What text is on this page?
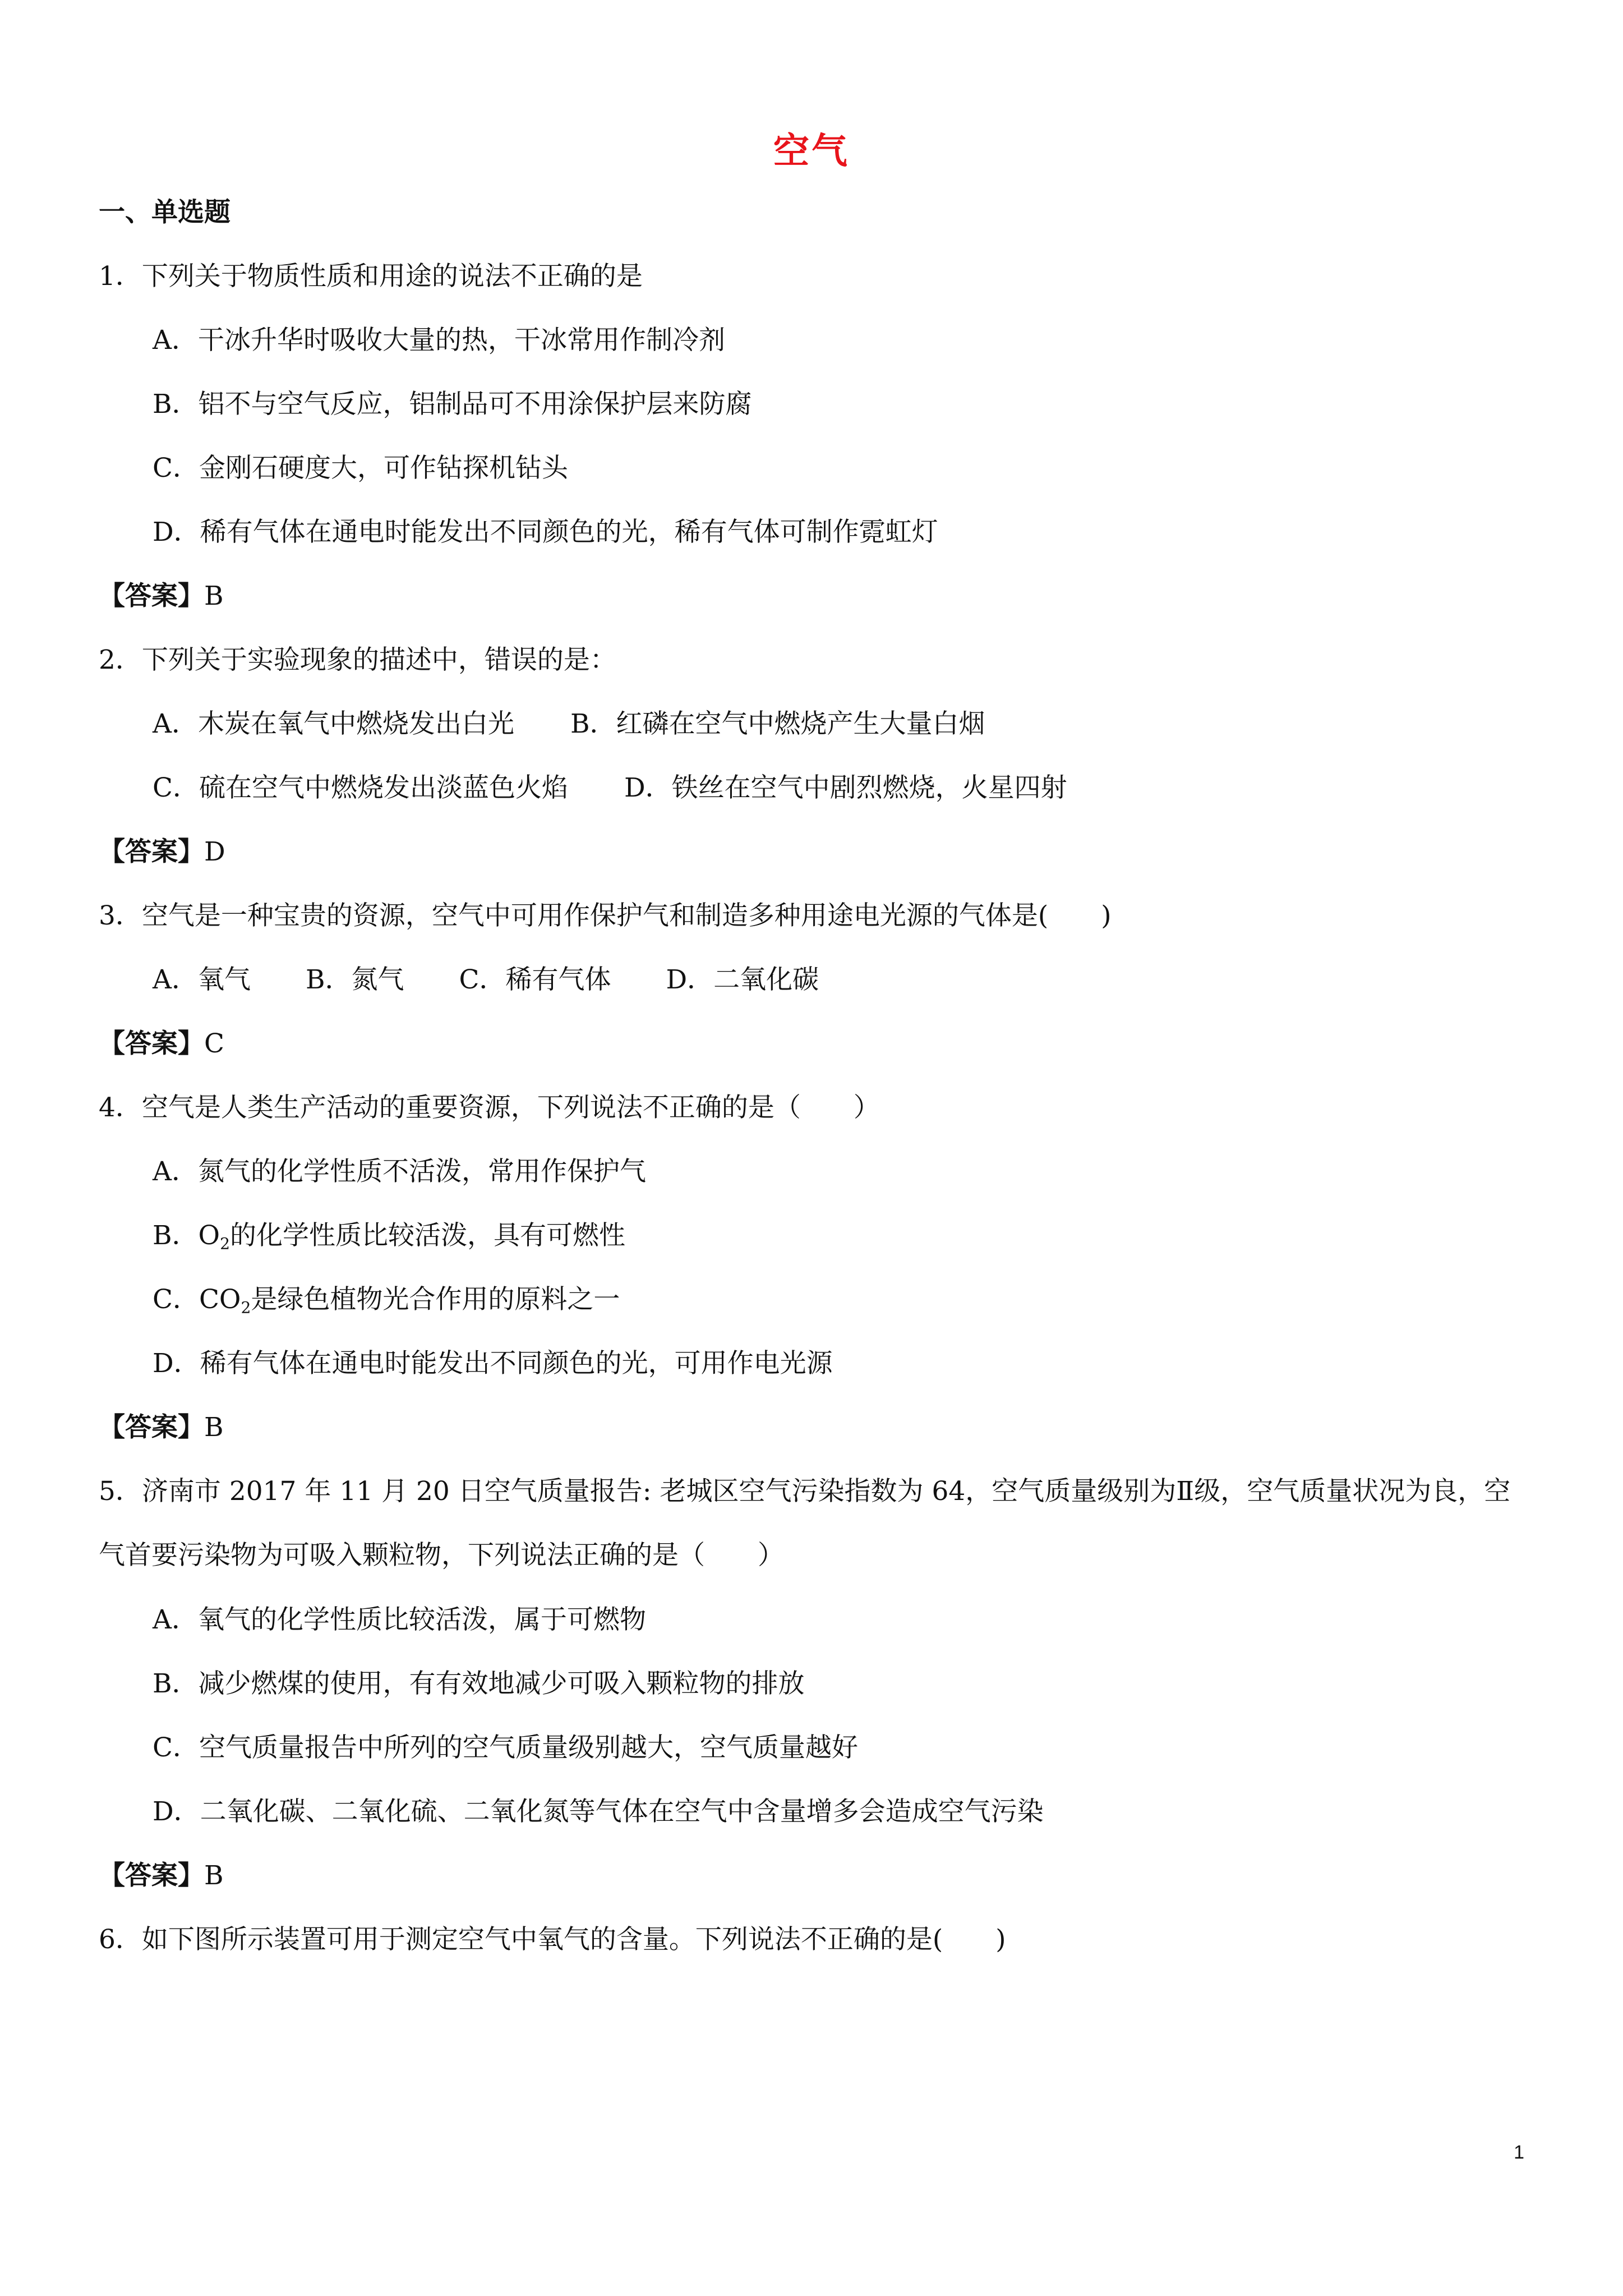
空气
一、单选题
1．下列关于物质性质和用途的说法不正确的是
A．干冰升华时吸收大量的热，干冰常用作制冷剂
B．铝不与空气反应，铝制品可不用涂保护层来防腐
C．金刚石硬度大，可作钻探机钻头
D．稀有气体在通电时能发出不同颜色的光，稀有气体可制作霓虹灯
【答案】B
2．下列关于实验现象的描述中，错误的是：
A．木炭在氧气中燃烧发出白光 B．红磷在空气中燃烧产生大量白烟
C．硫在空气中燃烧发出淡蓝色火焰 D．铁丝在空气中剧烈燃烧，火星四射
【答案】D
3．空气是一种宝贵的资源，空气中可用作保护气和制造多种用途电光源的气体是(　　)
A．氧气 B．氮气 C．稀有气体 D．二氧化碳
【答案】C
4．空气是人类生产活动的重要资源，下列说法不正确的是（　　）
A．氮气的化学性质不活泼，常用作保护气
B．$O_2$的化学性质比较活泼，具有可燃性
C．$CO_2$是绿色植物光合作用的原料之一
D．稀有气体在通电时能发出不同颜色的光，可用作电光源
【答案】B
5．济南市 2017 年 11 月 20 日空气质量报告: 老城区空气污染指数为 64，空气质量级别为Ⅱ级，空气质量状况为良，空气首要污染物为可吸入颗粒物，下列说法正确的是（　　）
A．氧气的化学性质比较活泼，属于可燃物
B．减少燃煤的使用，有有效地减少可吸入颗粒物的排放
C．空气质量报告中所列的空气质量级别越大，空气质量越好
D．二氧化碳、二氧化硫、二氧化氮等气体在空气中含量增多会造成空气污染
【答案】B
6．如下图所示装置可用于测定空气中氧气的含量。下列说法不正确的是(　　)
1
